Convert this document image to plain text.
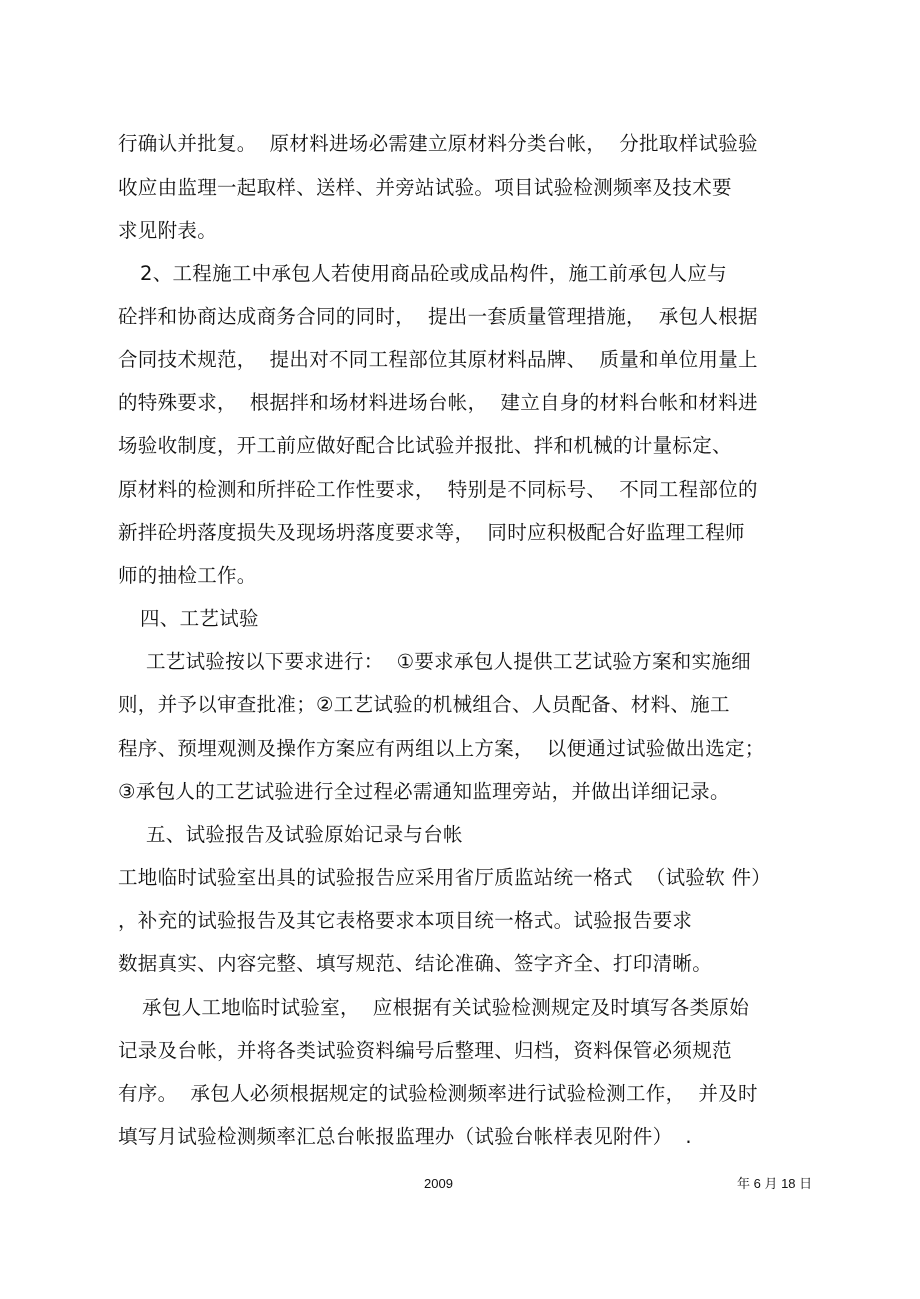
行确认并批复。  原材料进场必需建立原材料分类台帐，  分批取样试验验
收应由监理一起取样、送样、并旁站试验。项目试验检测频率及技术要
求见附表。
2、工程施工中承包人若使用商品砼或成品构件，施工前承包人应与
砼拌和协商达成商务合同的同时，  提出一套质量管理措施，  承包人根据
合同技术规范，  提出对不同工程部位其原材料品牌、  质量和单位用量上
的特殊要求，  根据拌和场材料进场台帐，  建立自身的材料台帐和材料进
场验收制度，开工前应做好配合比试验并报批、拌和机械的计量标定、
原材料的检测和所拌砼工作性要求，  特别是不同标号、  不同工程部位的
新拌砼坍落度损失及现场坍落度要求等，  同时应积极配合好监理工程师
师的抽检工作。
四、工艺试验
工艺试验按以下要求进行：  ①要求承包人提供工艺试验方案和实施细
则，并予以审查批准；②工艺试验的机械组合、人员配备、材料、施工
程序、预埋观测及操作方案应有两组以上方案，  以便通过试验做出选定；
③承包人的工艺试验进行全过程必需通知监理旁站，并做出详细记录。
五、试验报告及试验原始记录与台帐
工地临时试验室出具的试验报告应采用省厅质监站统一格式  （试验软 件）
，补充的试验报告及其它表格要求本项目统一格式。试验报告要求
数据真实、内容完整、填写规范、结论准确、签字齐全、打印清晰。
承包人工地临时试验室，  应根据有关试验检测规定及时填写各类原始
记录及台帐，并将各类试验资料编号后整理、归档，资料保管必须规范
有序。  承包人必须根据规定的试验检测频率进行试验检测工作，  并及时
填写月试验检测频率汇总台帐报监理办（试验台帐样表见附件）  .
2009	年 6 月 18 日
